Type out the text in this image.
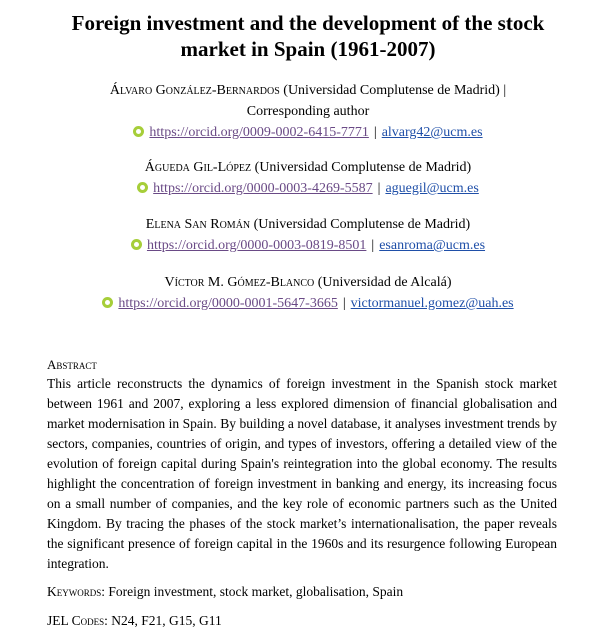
Foreign investment and the development of the stock market in Spain (1961-2007)
Álvaro González-Bernardos (Universidad Complutense de Madrid) |
Corresponding author
https://orcid.org/0009-0002-6415-7771 | alvarg42@ucm.es
Águeda Gil-López (Universidad Complutense de Madrid)
https://orcid.org/0000-0003-4269-5587 | aguegil@ucm.es
Elena San Román (Universidad Complutense de Madrid)
https://orcid.org/0000-0003-0819-8501 | esanroma@ucm.es
Víctor M. Gómez-Blanco (Universidad de Alcalá)
https://orcid.org/0000-0001-5647-3665 | victormanuel.gomez@uah.es
Abstract
This article reconstructs the dynamics of foreign investment in the Spanish stock market between 1961 and 2007, exploring a less explored dimension of financial globalisation and market modernisation in Spain. By building a novel database, it analyses investment trends by sectors, companies, countries of origin, and types of investors, offering a detailed view of the evolution of foreign capital during Spain's reintegration into the global economy. The results highlight the concentration of foreign investment in banking and energy, its increasing focus on a small number of companies, and the key role of economic partners such as the United Kingdom. By tracing the phases of the stock market’s internationalisation, the paper reveals the significant presence of foreign capital in the 1960s and its resurgence following European integration.
Keywords: Foreign investment, stock market, globalisation, Spain
JEL Codes: N24, F21, G15, G11
